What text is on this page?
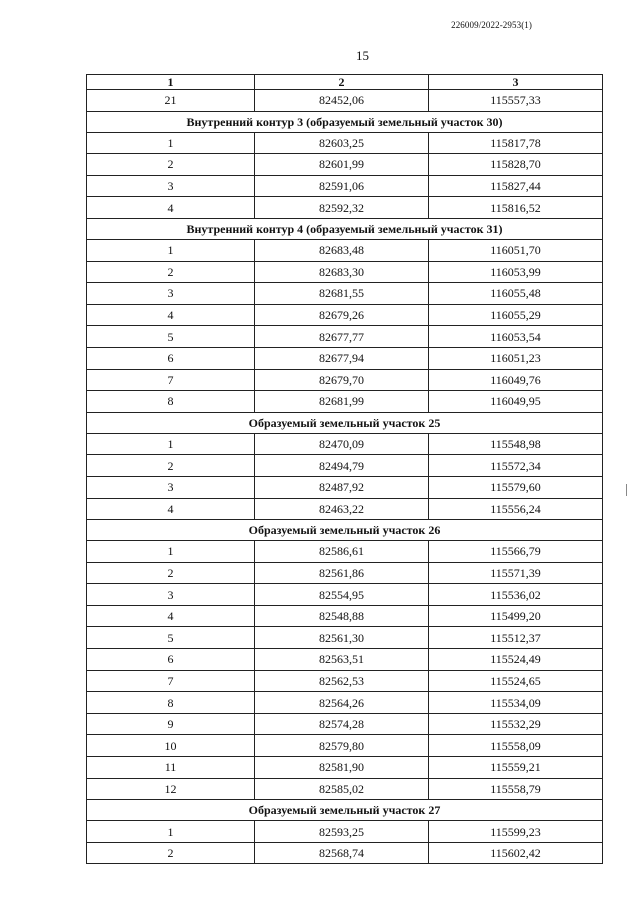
226009/2022-2953(1)
15
1	2	3
21	82452,06	115557,33
Внутренний контур 3 (образуемый земельный участок 30)		
1	82603,25	115817,78
2	82601,99	115828,70
3	82591,06	115827,44
4	82592,32	115816,52
Внутренний контур 4 (образуемый земельный участок 31)		
1	82683,48	116051,70
2	82683,30	116053,99
3	82681,55	116055,48
4	82679,26	116055,29
5	82677,77	116053,54
6	82677,94	116051,23
7	82679,70	116049,76
8	82681,99	116049,95
Образуемый земельный участок 25		
1	82470,09	115548,98
2	82494,79	115572,34
3	82487,92	115579,60
4	82463,22	115556,24
Образуемый земельный участок 26		
1	82586,61	115566,79
2	82561,86	115571,39
3	82554,95	115536,02
4	82548,88	115499,20
5	82561,30	115512,37
6	82563,51	115524,49
7	82562,53	115524,65
8	82564,26	115534,09
9	82574,28	115532,29
10	82579,80	115558,09
11	82581,90	115559,21
12	82585,02	115558,79
Образуемый земельный участок 27		
1	82593,25	115599,23
2	82568,74	115602,42
